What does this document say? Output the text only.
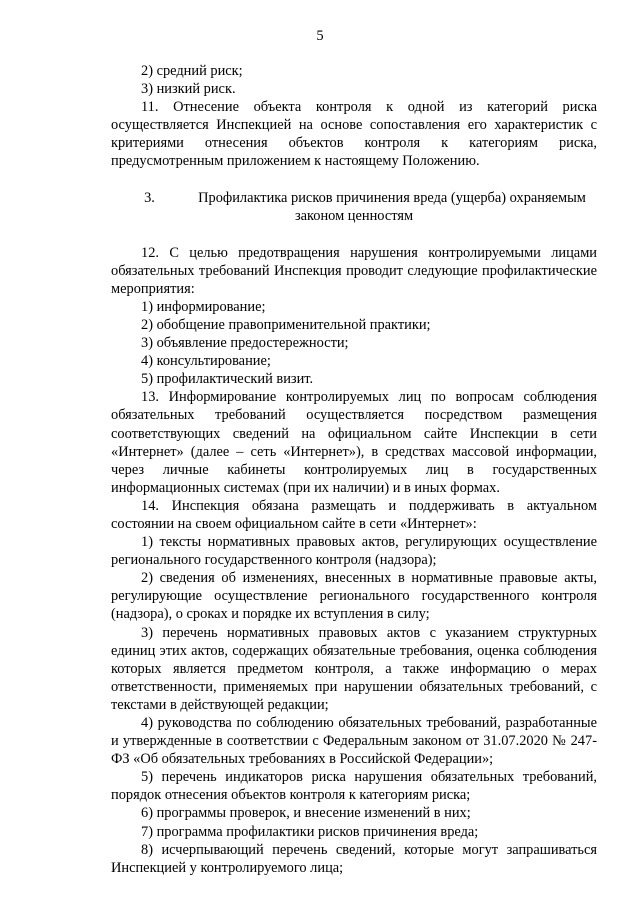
5

2) средний риск;

3) низкий риск.

11. Отнесение объекта контроля к одной из категорий риска осуществляется Инспекцией на основе сопоставления его характеристик с критериями отнесения объектов контроля к категориям риска, предусмотренным приложением к настоящему Положению.

3.	Профилактика рисков причинения вреда (ущерба) охраняемым
законом ценностям

12. С целью предотвращения нарушения контролируемыми лицами обязательных требований Инспекция проводит следующие профилактические мероприятия:

1) информирование;

2) обобщение правоприменительной практики;

3) объявление предостережности;

4) консультирование;

5) профилактический визит.

13. Информирование контролируемых лиц по вопросам соблюдения обязательных требований осуществляется посредством размещения соответствующих сведений на официальном сайте Инспекции в сети «Интернет» (далее – сеть «Интернет»), в средствах массовой информации, через личные кабинеты контролируемых лиц в государственных информационных системах (при их наличии) и в иных формах.

14. Инспекция обязана размещать и поддерживать в актуальном состоянии на своем официальном сайте в сети «Интернет»:

1) тексты нормативных правовых актов, регулирующих осуществление регионального государственного контроля (надзора);

2) сведения об изменениях, внесенных в нормативные правовые акты, регулирующие осуществление регионального государственного контроля (надзора), о сроках и порядке их вступления в силу;

3) перечень нормативных правовых актов с указанием структурных единиц этих актов, содержащих обязательные требования, оценка соблюдения которых является предметом контроля, а также информацию о мерах ответственности, применяемых при нарушении обязательных требований, с текстами в действующей редакции;

4) руководства по соблюдению обязательных требований, разработанные и утвержденные в соответствии с Федеральным законом от 31.07.2020 № 247-ФЗ «Об обязательных требованиях в Российской Федерации»;

5) перечень индикаторов риска нарушения обязательных требований, порядок отнесения объектов контроля к категориям риска;

6) программы проверок, и внесение изменений в них;

7) программа профилактики рисков причинения вреда;

8) исчерпывающий перечень сведений, которые могут запрашиваться Инспекцией у контролируемого лица;
